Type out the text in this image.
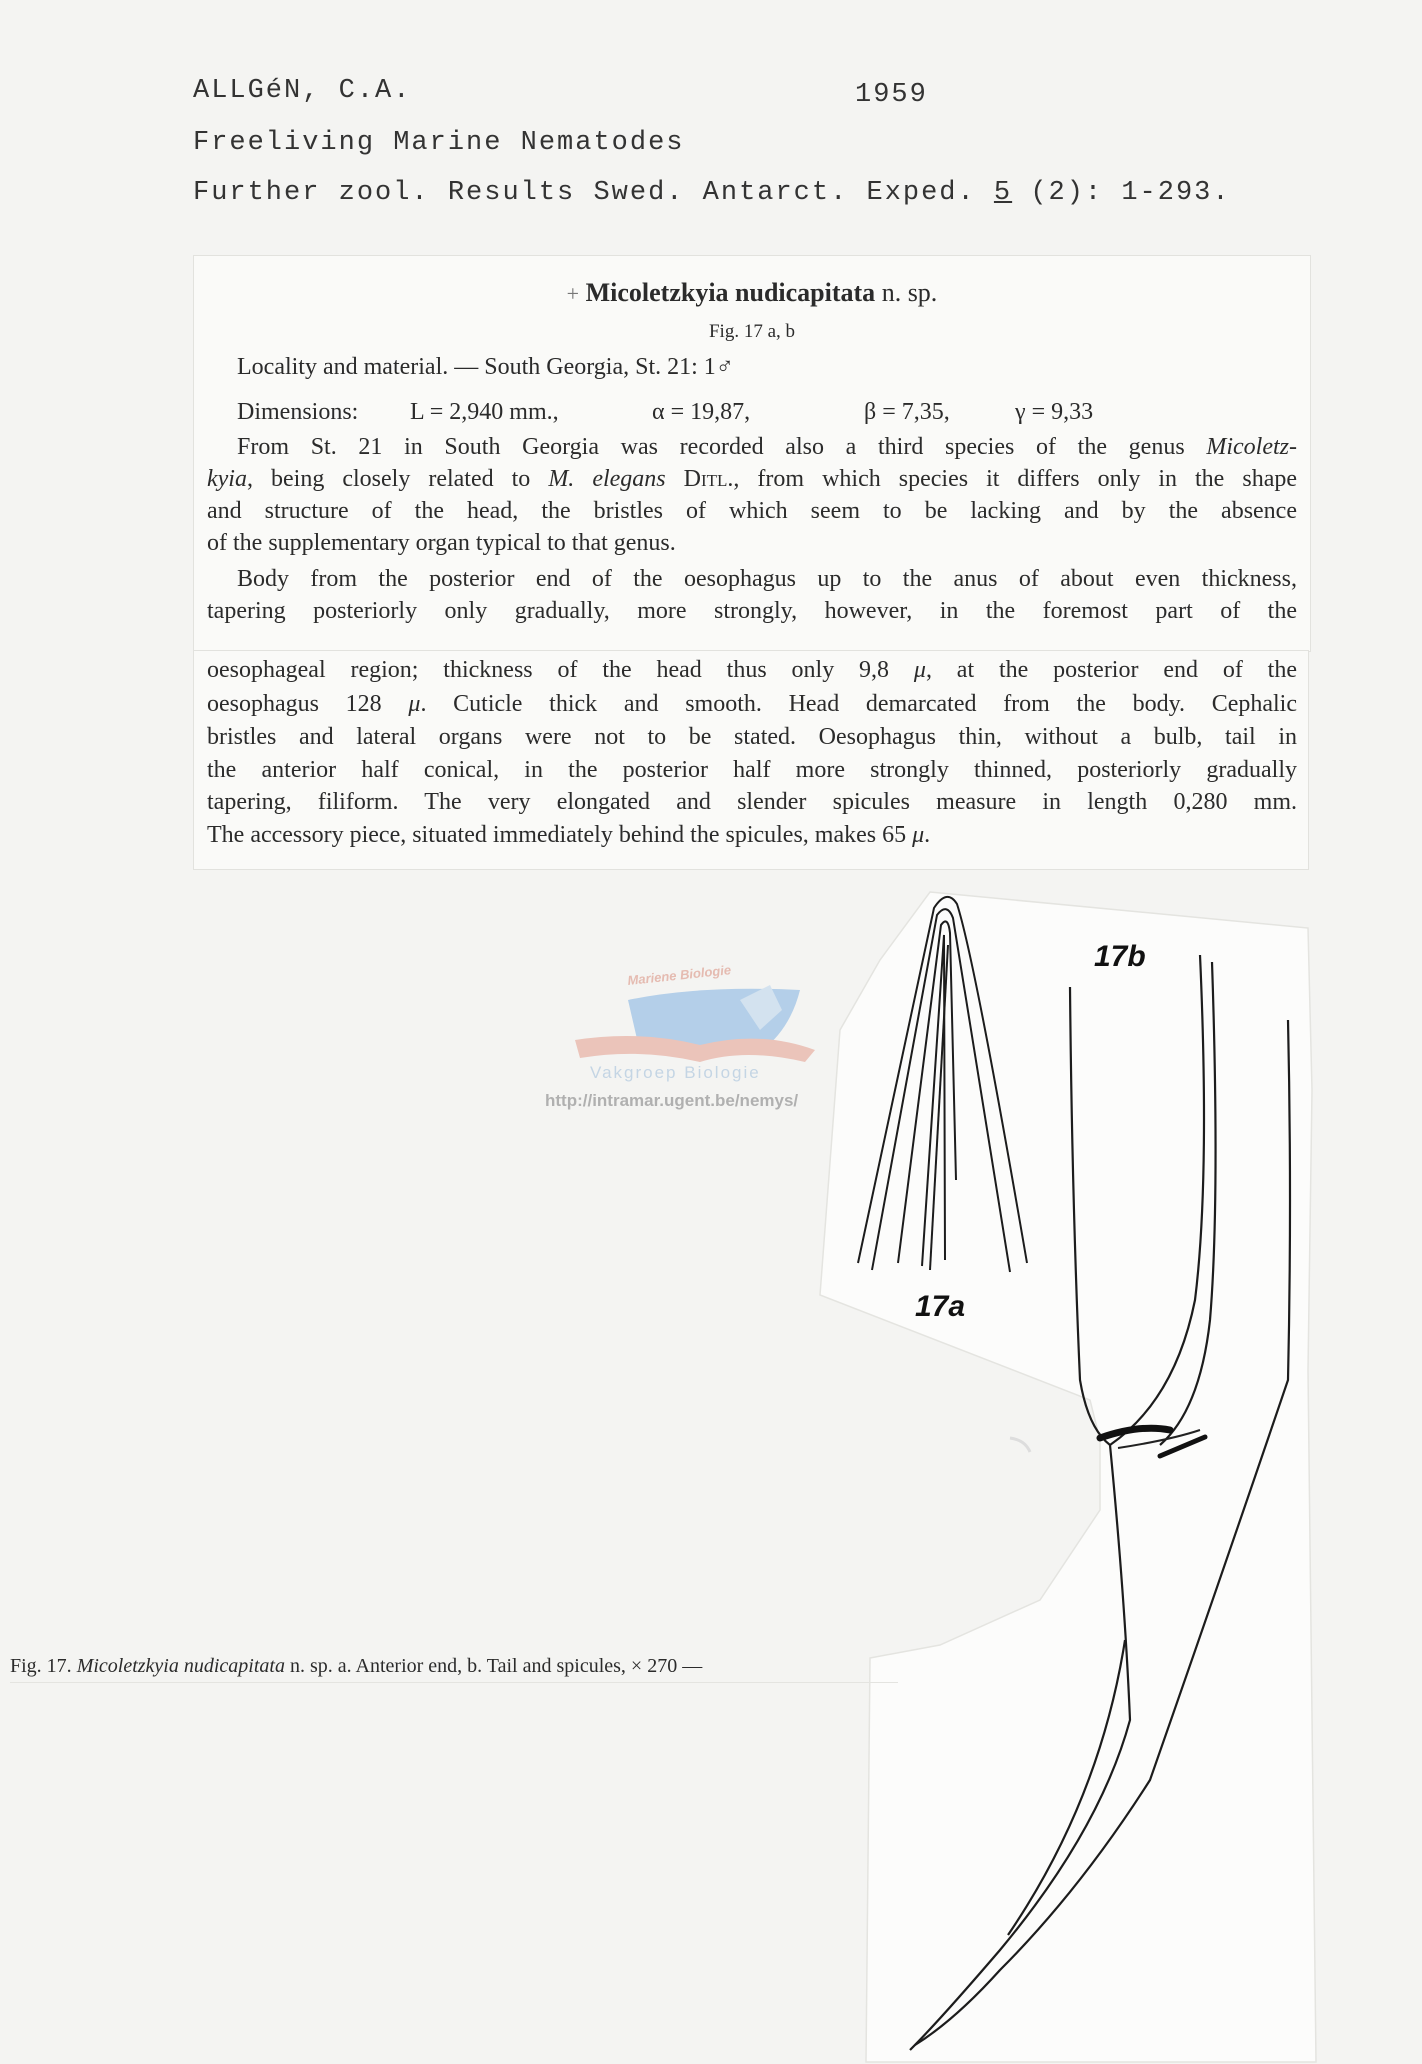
ALLGéN, C.A.	1959
Freeliving Marine Nematodes
Further zool. Results Swed. Antarct. Exped. 5 (2): 1-293.
+ Micoletzkyia nudicapitata n. sp.
Fig. 17 a, b
Locality and material. — South Georgia, St. 21: 1♂
Dimensions: L = 2,940 mm.,	α = 19,87,	β = 7,35,	γ = 9,33
From St. 21 in South Georgia was recorded also a third species of the genus Micoletz-
kyia, being closely related to M. elegans Ditl., from which species it differs only in the shape
and structure of the head, the bristles of which seem to be lacking and by the absence
of the supplementary organ typical to that genus.
Body from the posterior end of the oesophagus up to the anus of about even thickness,
tapering posteriorly only gradually, more strongly, however, in the foremost part of the
oesophageal region; thickness of the head thus only 9,8 μ, at the posterior end of the
oesophagus 128 μ. Cuticle thick and smooth. Head demarcated from the body. Cephalic
bristles and lateral organs were not to be stated. Oesophagus thin, without a bulb, tail in
the anterior half conical, in the posterior half more strongly thinned, posteriorly gradually
tapering, filiform. The very elongated and slender spicules measure in length 0,280 mm.
The accessory piece, situated immediately behind the spicules, makes 65 μ.
17b
17a
Mariene Biologie
Vakgroep Biologie
http://intramar.ugent.be/nemys/
Fig. 17. Micoletzkyia nudicapitata n. sp. a. Anterior end, b. Tail and spicules, × 270 —
